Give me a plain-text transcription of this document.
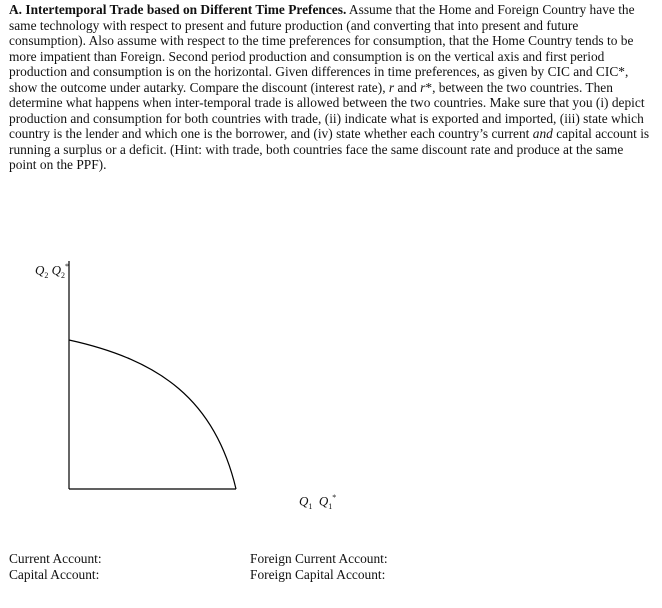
A. Intertemporal Trade based on Different Time Prefences. Assume that the Home and Foreign Country have the same technology with respect to present and future production (and converting that into present and future consumption). Also assume with respect to the time preferences for consumption, that the Home Country tends to be more impatient than Foreign. Second period production and consumption is on the vertical axis and first period production and consumption is on the horizontal. Given differences in time preferences, as given by CIC and CIC*, show the outcome under autarky. Compare the discount (interest rate), r and r*, between the two countries. Then determine what happens when inter-temporal trade is allowed between the two countries. Make sure that you (i) depict production and consumption for both countries with trade, (ii) indicate what is exported and imported, (iii) state which country is the lender and which one is the borrower, and (iv) state whether each country’s current and capital account is running a surplus or a deficit. (Hint: with trade, both countries face the same discount rate and produce at the same point on the PPF).

$Q_2$ $Q_2^*$
$Q_1$ $Q_1^*$
Current Account:
Capital Account:
Foreign Current Account:
Foreign Capital Account:
